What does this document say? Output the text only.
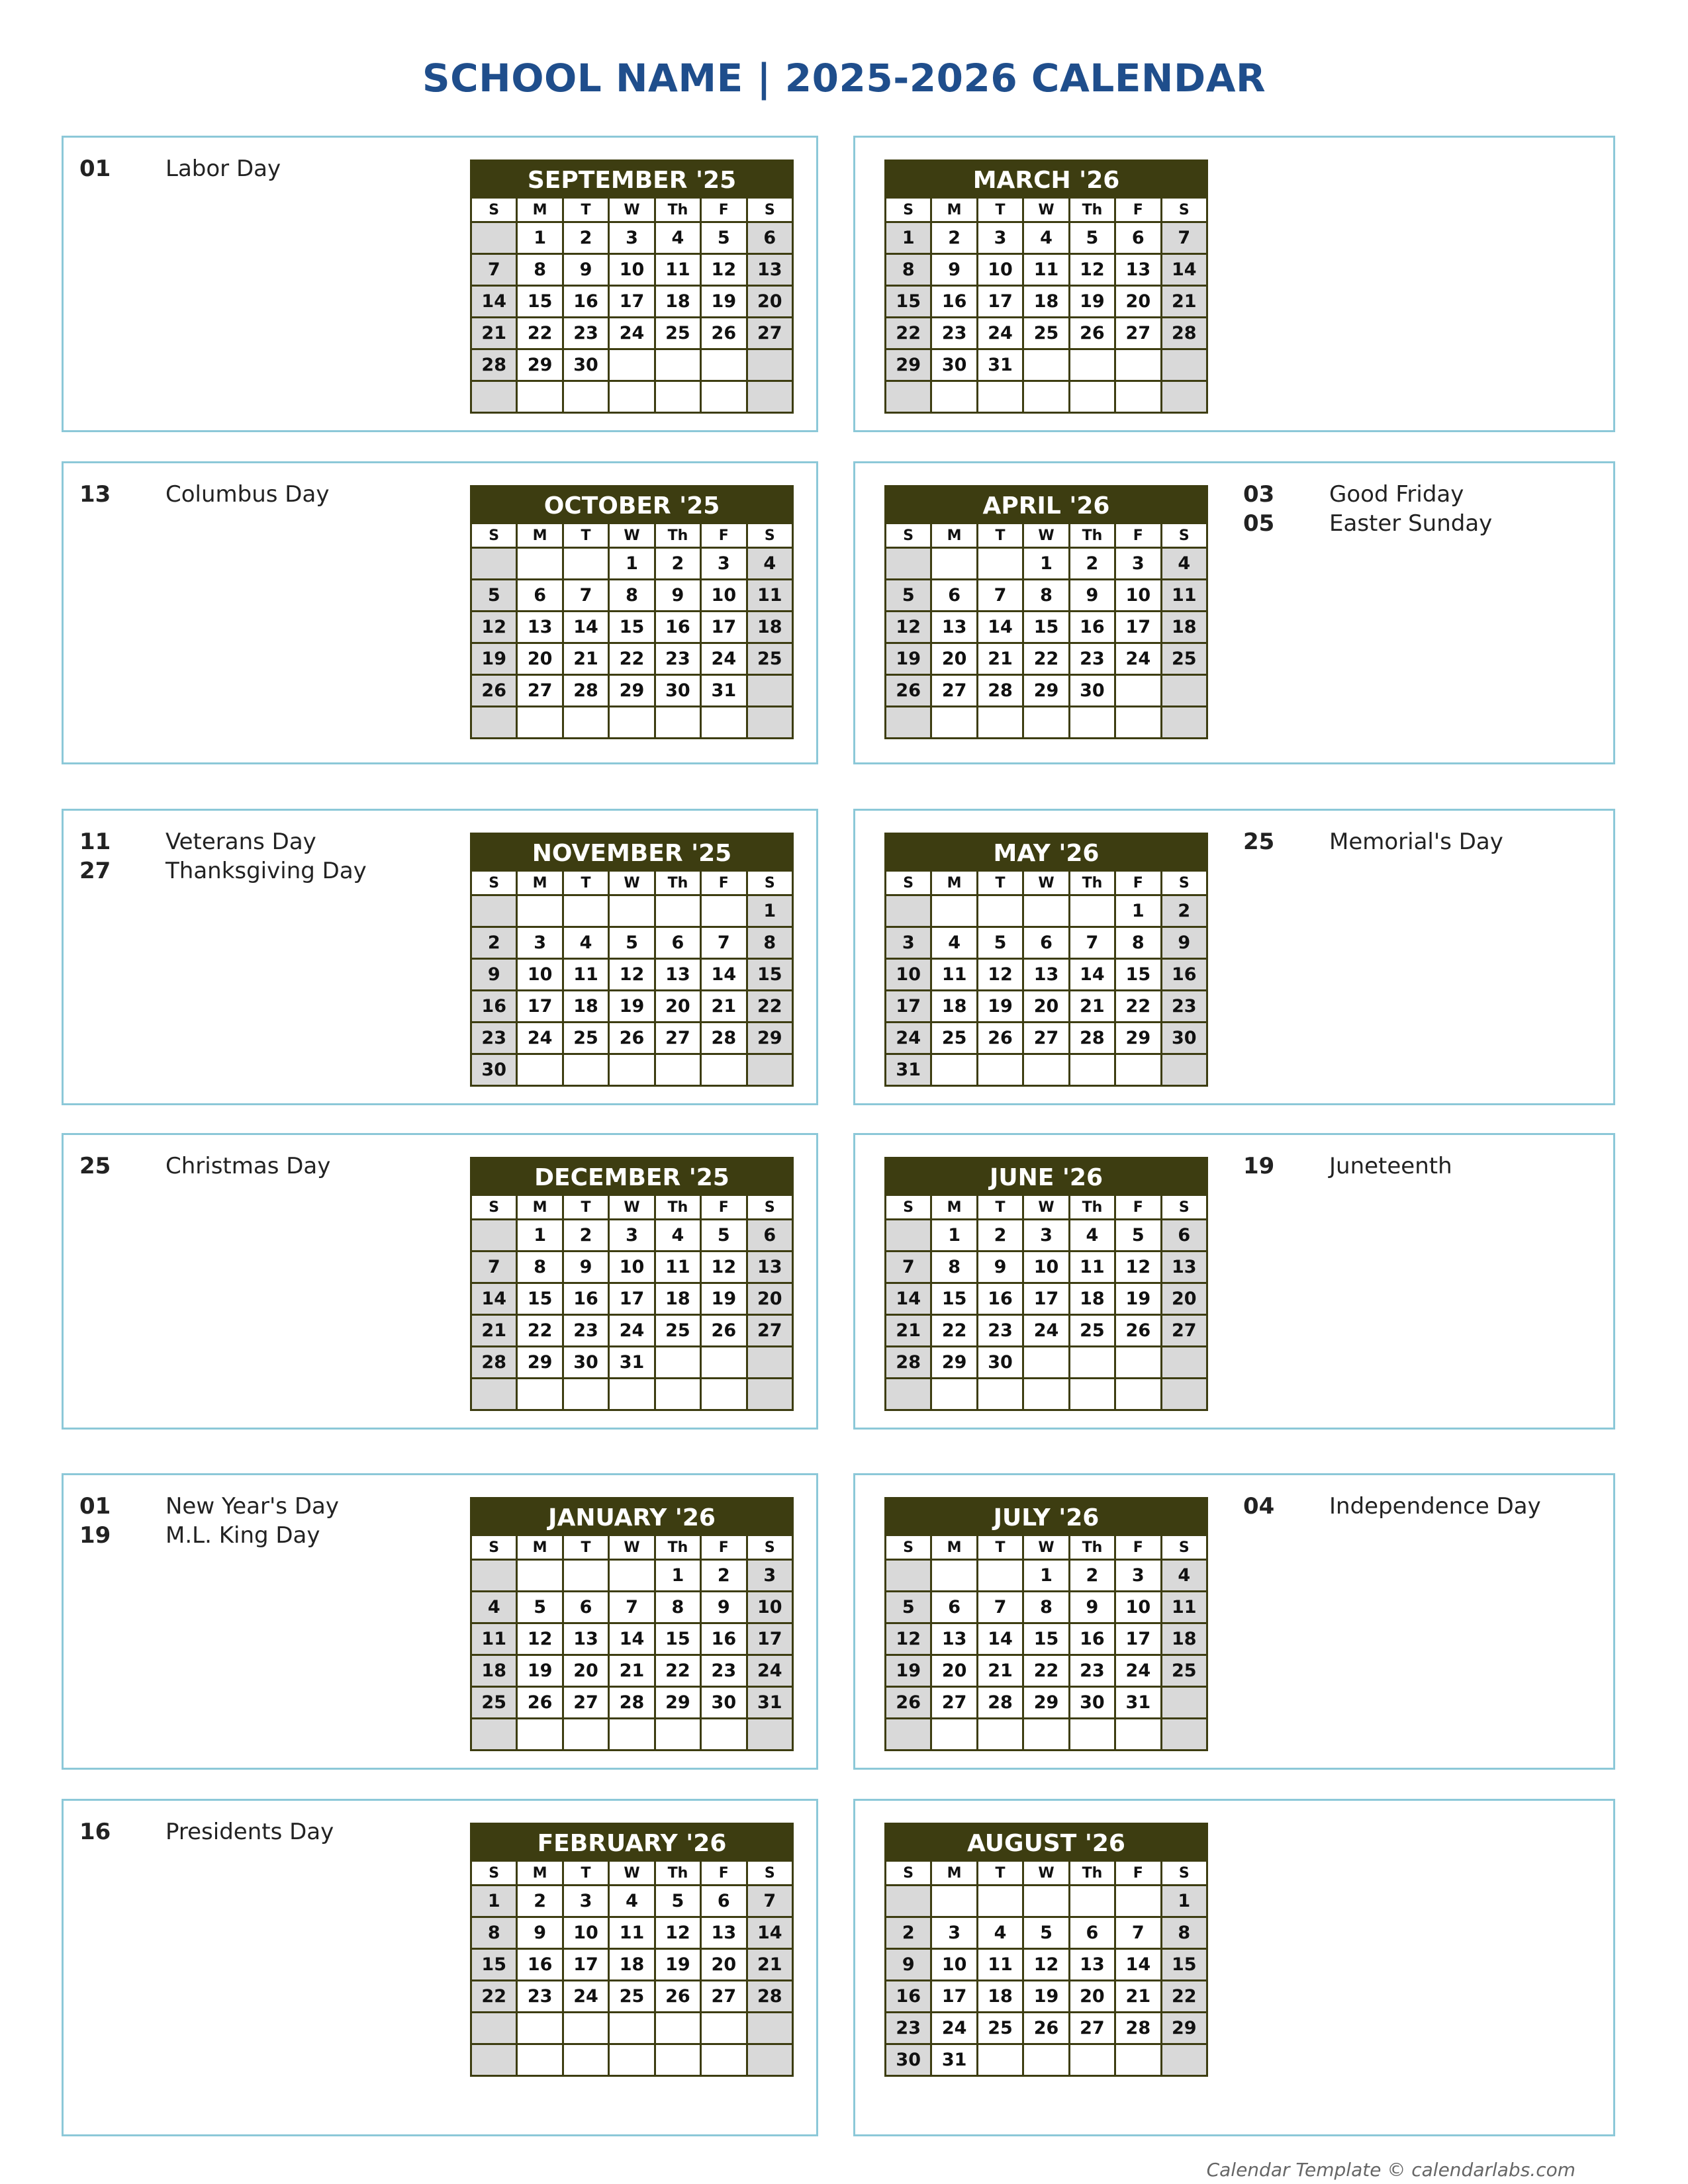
SCHOOL NAME | 2025-2026 CALENDAR
01 Labor Day	SEPTEMBER '25
S	M	T	W	Th	F	S
	1	2	3	4	5	6
7	8	9	10	11	12	13
14	15	16	17	18	19	20
21	22	23	24	25	26	27
28	29	30				

13 Columbus Day	OCTOBER '25
S	M	T	W	Th	F	S
			1	2	3	4
5	6	7	8	9	10	11
12	13	14	15	16	17	18
19	20	21	22	23	24	25
26	27	28	29	30	31	

11 Veterans Day
27 Thanksgiving Day
NOVEMBER '25
S	M	T	W	Th	F	S
						1
2	3	4	5	6	7	8
9	10	11	12	13	14	15
16	17	18	19	20	21	22
23	24	25	26	27	28	29
30						
25 Christmas Day	DECEMBER '25
S	M	T	W	Th	F	S
	1	2	3	4	5	6
7	8	9	10	11	12	13
14	15	16	17	18	19	20
21	22	23	24	25	26	27
28	29	30	31			

01 New Year's Day
19 M.L. King Day
JANUARY '26
S	M	T	W	Th	F	S
				1	2	3
4	5	6	7	8	9	10
11	12	13	14	15	16	17
18	19	20	21	22	23	24
25	26	27	28	29	30	31

16 Presidents Day	FEBRUARY '26
S	M	T	W	Th	F	S
1	2	3	4	5	6	7
8	9	10	11	12	13	14
15	16	17	18	19	20	21
22	23	24	25	26	27	28

MARCH '26
S	M	T	W	Th	F	S
1	2	3	4	5	6	7
8	9	10	11	12	13	14
15	16	17	18	19	20	21
22	23	24	25	26	27	28
29	30	31				

03 Good Friday
05 Easter Sunday
APRIL '26
S	M	T	W	Th	F	S
			1	2	3	4
5	6	7	8	9	10	11
12	13	14	15	16	17	18
19	20	21	22	23	24	25
26	27	28	29	30		

25 Memorial's Day
MAY '26
S	M	T	W	Th	F	S
					1	2
3	4	5	6	7	8	9
10	11	12	13	14	15	16
17	18	19	20	21	22	23
24	25	26	27	28	29	30
31						
19 Juneteenth
JUNE '26
S	M	T	W	Th	F	S
	1	2	3	4	5	6
7	8	9	10	11	12	13
14	15	16	17	18	19	20
21	22	23	24	25	26	27
28	29	30				

04 Independence Day
JULY '26
S	M	T	W	Th	F	S
			1	2	3	4
5	6	7	8	9	10	11
12	13	14	15	16	17	18
19	20	21	22	23	24	25
26	27	28	29	30	31	

AUGUST '26
S	M	T	W	Th	F	S
						1
2	3	4	5	6	7	8
9	10	11	12	13	14	15
16	17	18	19	20	21	22
23	24	25	26	27	28	29
30	31					
Calendar Template © calendarlabs.com
